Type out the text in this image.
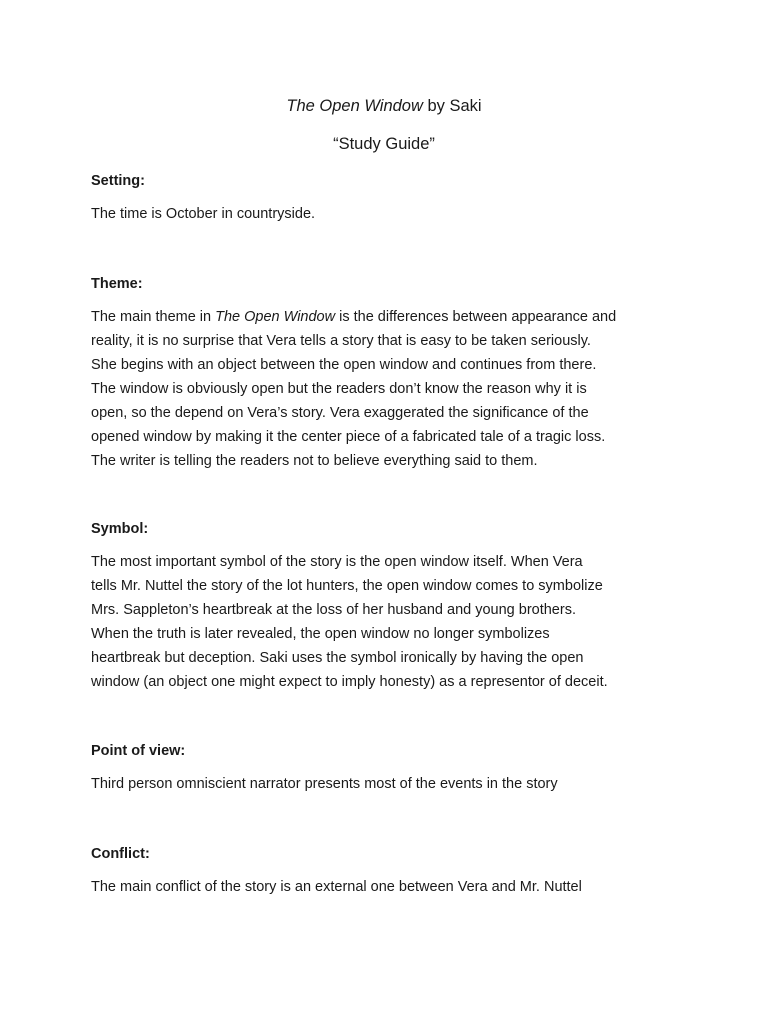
The Open Window by Saki
“Study Guide”
Setting:
The time is October in countryside.
Theme:
The main theme in The Open Window is the differences between appearance and
reality, it is no surprise that Vera tells a story that is easy to be taken seriously.
She begins with an object between the open window and continues from there.
The window is obviously open but the readers don’t know the reason why it is
open, so the depend on Vera’s story. Vera exaggerated the significance of the
opened window by making it the center piece of a fabricated tale of a tragic loss.
The writer is telling the readers not to believe everything said to them.
Symbol:
The most important symbol of the story is the open window itself. When Vera
tells Mr. Nuttel the story of the lot hunters, the open window comes to symbolize
Mrs. Sappleton’s heartbreak at the loss of her husband and young brothers.
When the truth is later revealed, the open window no longer symbolizes
heartbreak but deception. Saki uses the symbol ironically by having the open
window (an object one might expect to imply honesty) as a representor of deceit.
Point of view:
Third person omniscient narrator presents most of the events in the story
Conflict:
The main conflict of the story is an external one between Vera and Mr. Nuttel
